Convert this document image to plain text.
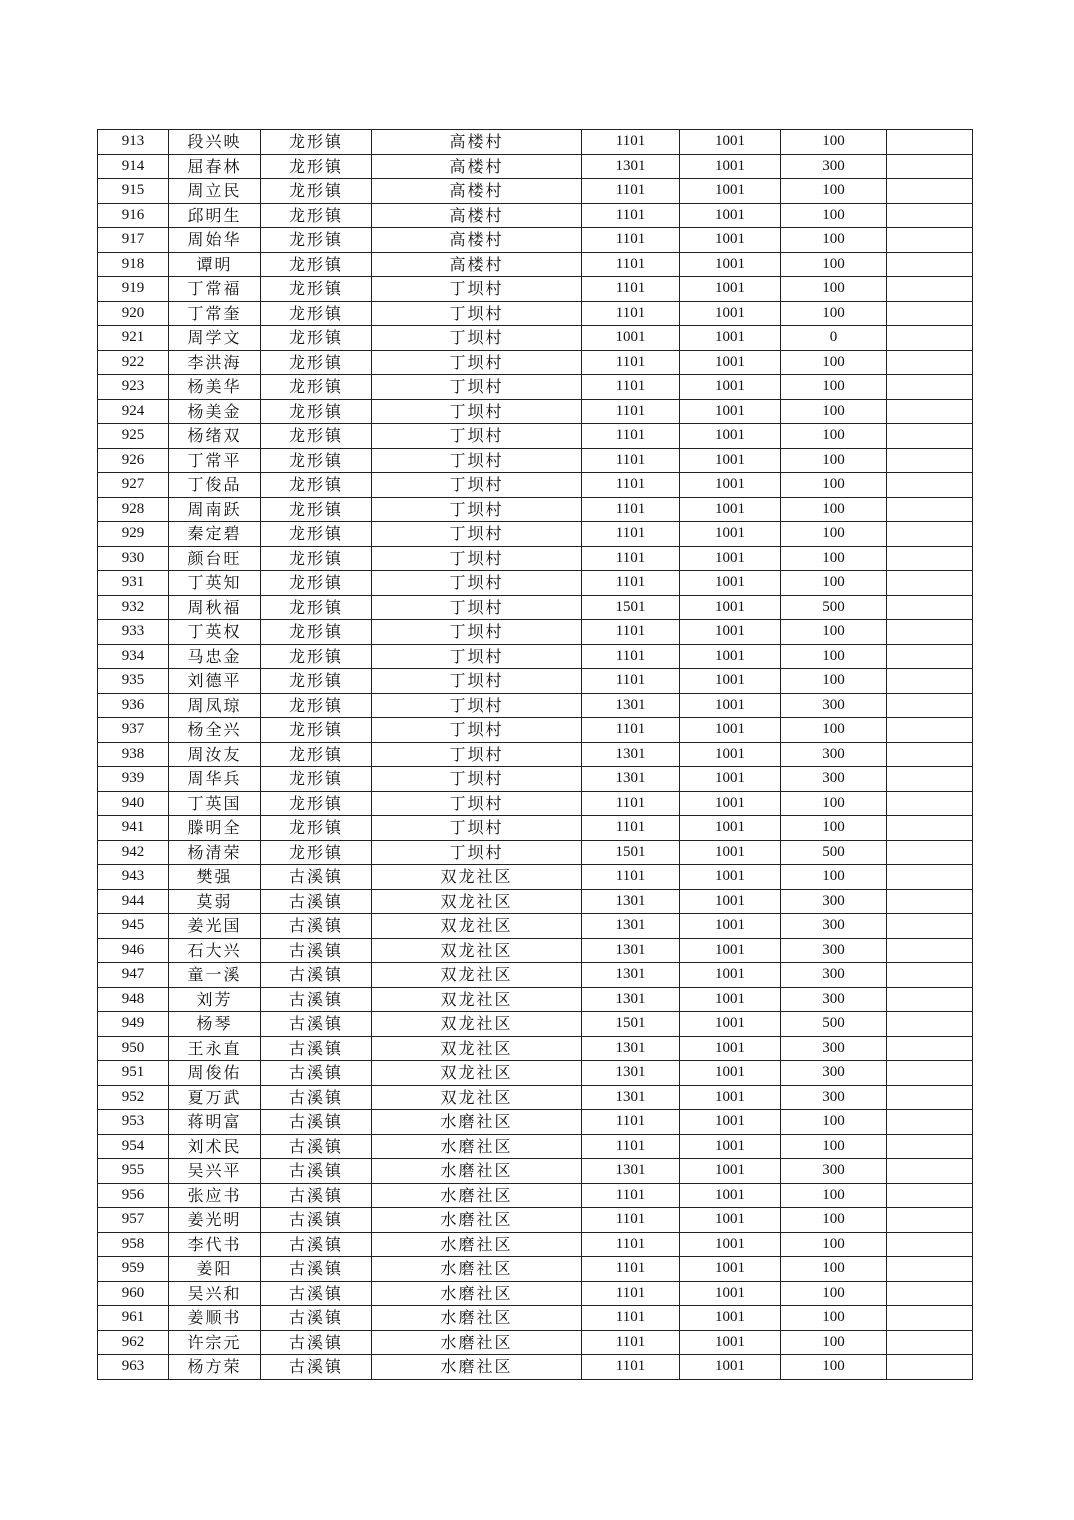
913	段兴映	龙形镇	高楼村	1101	1001	100	
914	屈春林	龙形镇	高楼村	1301	1001	300	
915	周立民	龙形镇	高楼村	1101	1001	100	
916	邱明生	龙形镇	高楼村	1101	1001	100	
917	周始华	龙形镇	高楼村	1101	1001	100	
918	谭明	龙形镇	高楼村	1101	1001	100	
919	丁常福	龙形镇	丁坝村	1101	1001	100	
920	丁常奎	龙形镇	丁坝村	1101	1001	100	
921	周学文	龙形镇	丁坝村	1001	1001	0	
922	李洪海	龙形镇	丁坝村	1101	1001	100	
923	杨美华	龙形镇	丁坝村	1101	1001	100	
924	杨美金	龙形镇	丁坝村	1101	1001	100	
925	杨绪双	龙形镇	丁坝村	1101	1001	100	
926	丁常平	龙形镇	丁坝村	1101	1001	100	
927	丁俊品	龙形镇	丁坝村	1101	1001	100	
928	周南跃	龙形镇	丁坝村	1101	1001	100	
929	秦定碧	龙形镇	丁坝村	1101	1001	100	
930	颜台旺	龙形镇	丁坝村	1101	1001	100	
931	丁英知	龙形镇	丁坝村	1101	1001	100	
932	周秋福	龙形镇	丁坝村	1501	1001	500	
933	丁英权	龙形镇	丁坝村	1101	1001	100	
934	马忠金	龙形镇	丁坝村	1101	1001	100	
935	刘德平	龙形镇	丁坝村	1101	1001	100	
936	周凤琼	龙形镇	丁坝村	1301	1001	300	
937	杨全兴	龙形镇	丁坝村	1101	1001	100	
938	周汝友	龙形镇	丁坝村	1301	1001	300	
939	周华兵	龙形镇	丁坝村	1301	1001	300	
940	丁英国	龙形镇	丁坝村	1101	1001	100	
941	滕明全	龙形镇	丁坝村	1101	1001	100	
942	杨清荣	龙形镇	丁坝村	1501	1001	500	
943	樊强	古溪镇	双龙社区	1101	1001	100	
944	莫弱	古溪镇	双龙社区	1301	1001	300	
945	姜光国	古溪镇	双龙社区	1301	1001	300	
946	石大兴	古溪镇	双龙社区	1301	1001	300	
947	童一溪	古溪镇	双龙社区	1301	1001	300	
948	刘芳	古溪镇	双龙社区	1301	1001	300	
949	杨琴	古溪镇	双龙社区	1501	1001	500	
950	王永直	古溪镇	双龙社区	1301	1001	300	
951	周俊佑	古溪镇	双龙社区	1301	1001	300	
952	夏万武	古溪镇	双龙社区	1301	1001	300	
953	蒋明富	古溪镇	水磨社区	1101	1001	100	
954	刘术民	古溪镇	水磨社区	1101	1001	100	
955	吴兴平	古溪镇	水磨社区	1301	1001	300	
956	张应书	古溪镇	水磨社区	1101	1001	100	
957	姜光明	古溪镇	水磨社区	1101	1001	100	
958	李代书	古溪镇	水磨社区	1101	1001	100	
959	姜阳	古溪镇	水磨社区	1101	1001	100	
960	吴兴和	古溪镇	水磨社区	1101	1001	100	
961	姜顺书	古溪镇	水磨社区	1101	1001	100	
962	许宗元	古溪镇	水磨社区	1101	1001	100	
963	杨方荣	古溪镇	水磨社区	1101	1001	100	
